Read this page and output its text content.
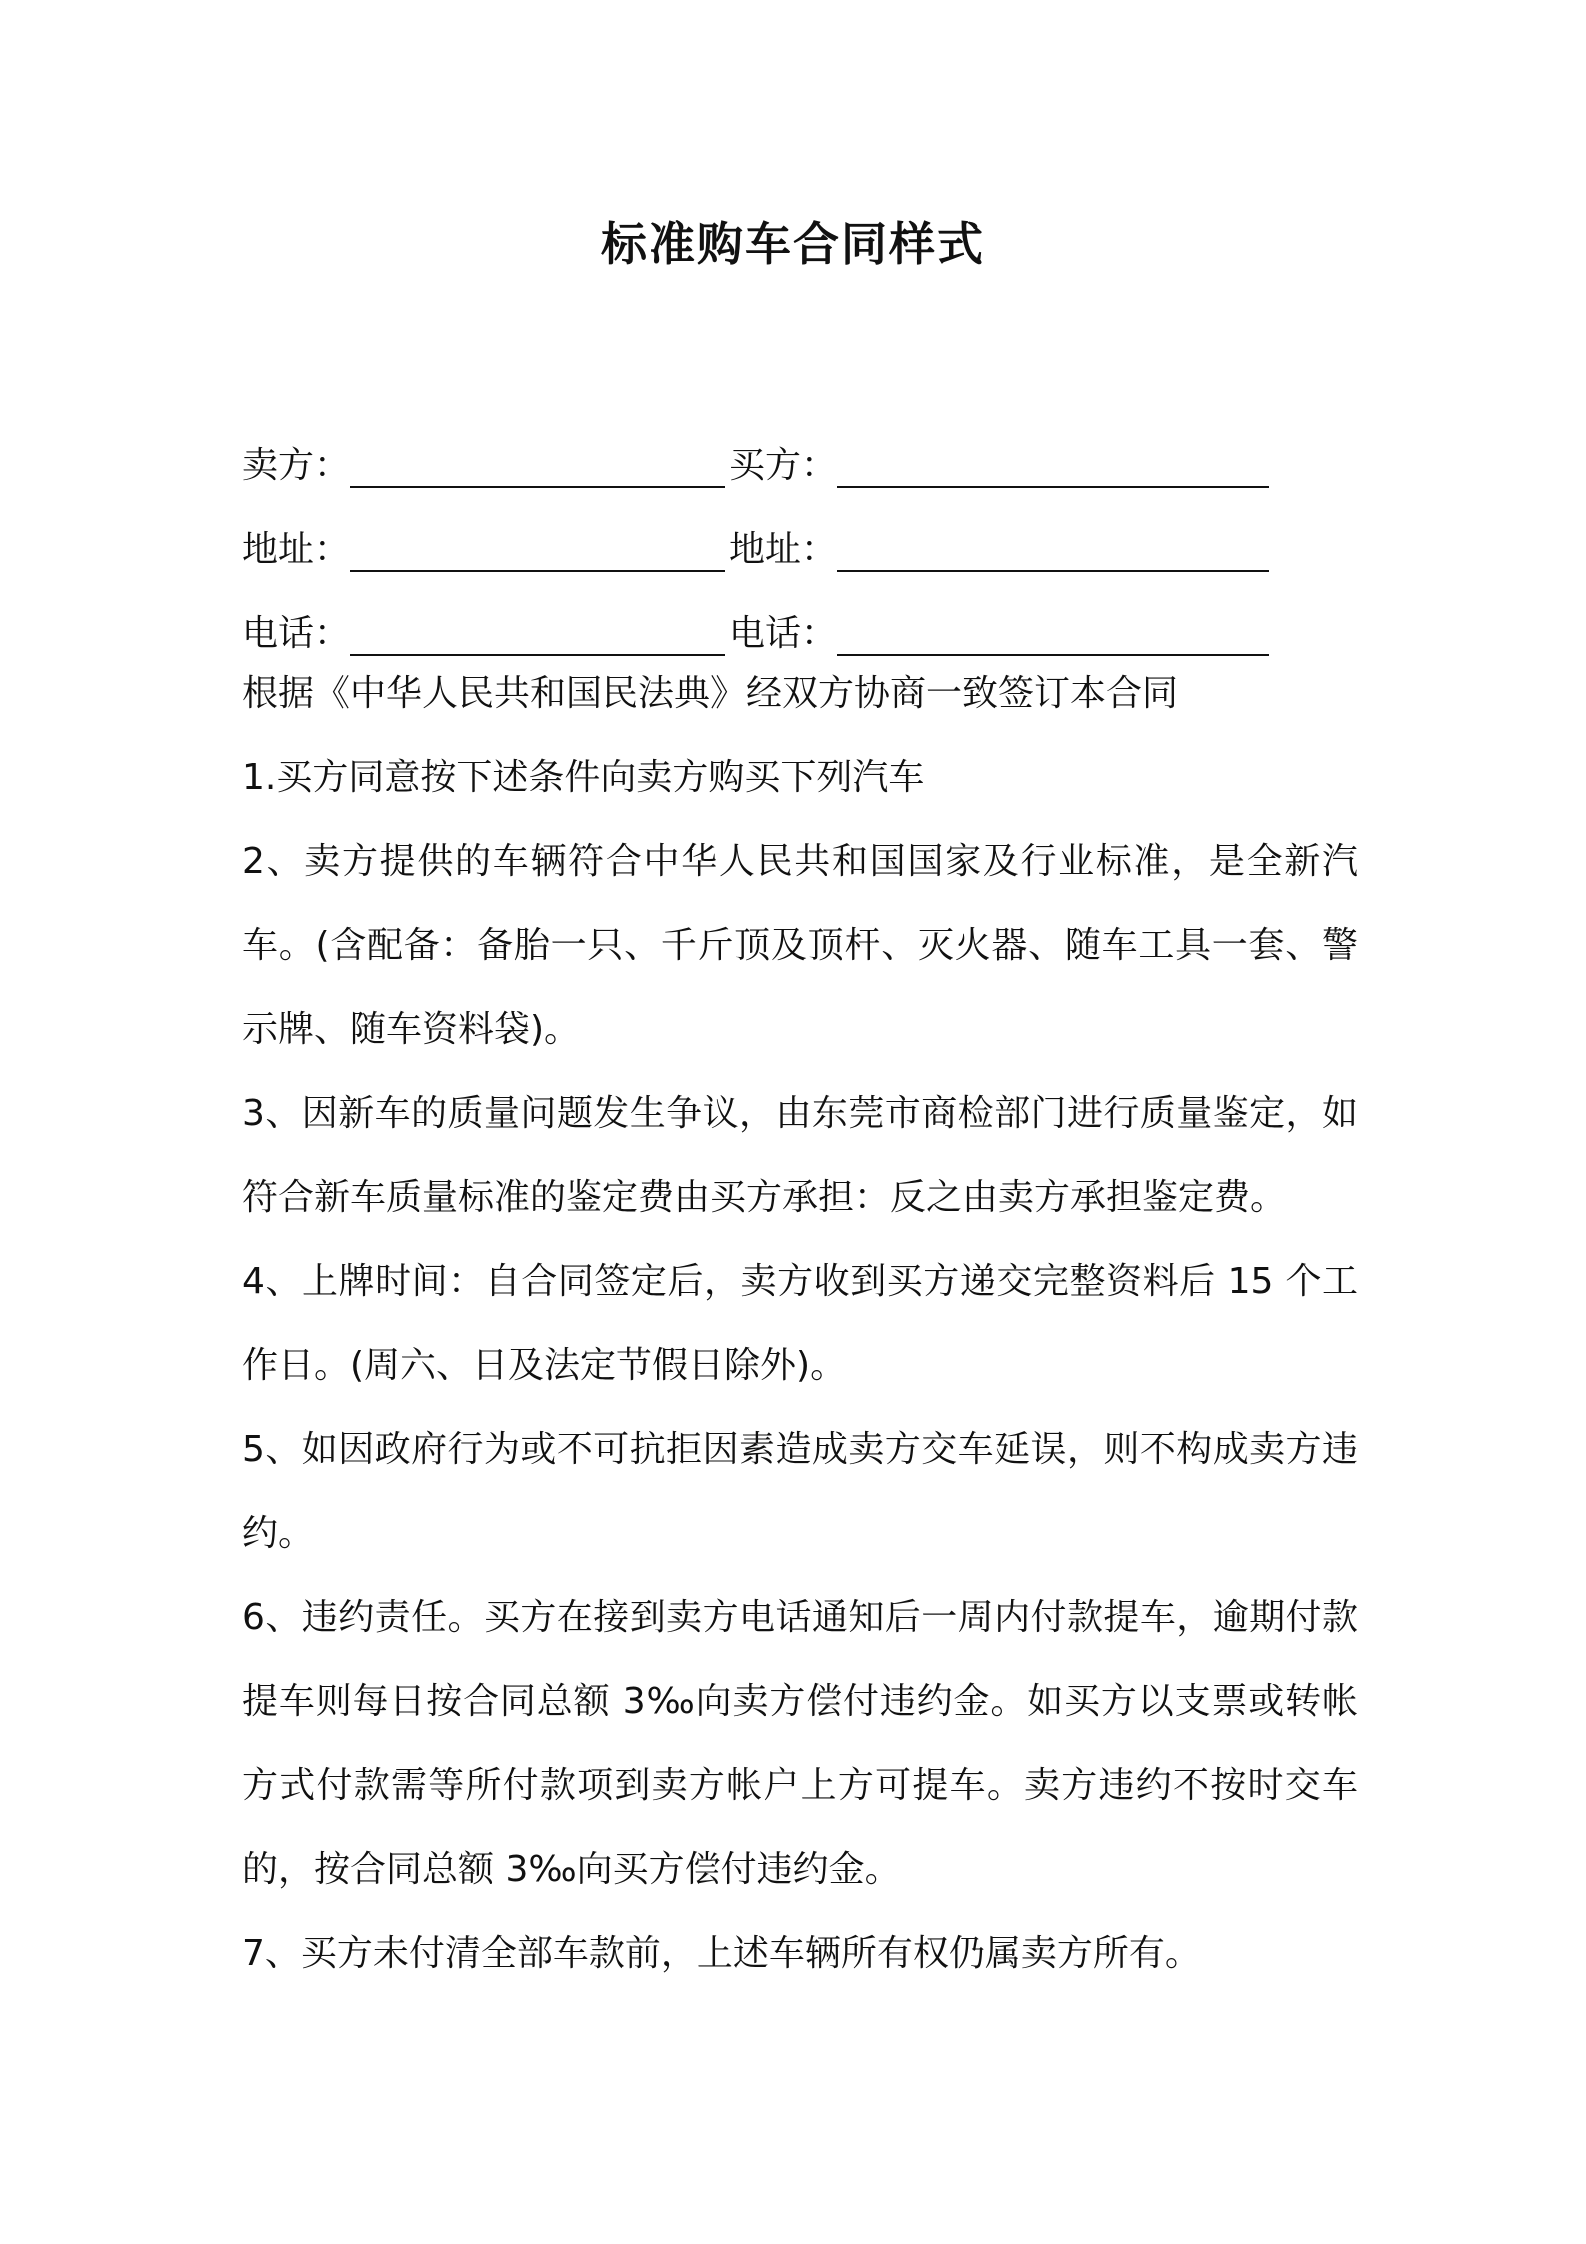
标准购车合同样式
卖方：	买方：
地址：	地址：
电话：	电话：

根据《中华人民共和国民法典》经双方协商一致签订本合同

1.买方同意按下述条件向卖方购买下列汽车

2、卖方提供的车辆符合中华人民共和国国家及行业标准，是全新汽车。(含配备：备胎一只、千斤顶及顶杆、灭火器、随车工具一套、警示牌、随车资料袋)。

3、因新车的质量问题发生争议，由东莞市商检部门进行质量鉴定，如符合新车质量标准的鉴定费由买方承担：反之由卖方承担鉴定费。

4、上牌时间：自合同签定后，卖方收到买方递交完整资料后 15 个工作日。(周六、日及法定节假日除外)。

5、如因政府行为或不可抗拒因素造成卖方交车延误，则不构成卖方违约。

6、违约责任。买方在接到卖方电话通知后一周内付款提车，逾期付款提车则每日按合同总额 3‰向卖方偿付违约金。如买方以支票或转帐方式付款需等所付款项到卖方帐户上方可提车。卖方违约不按时交车的，按合同总额 3‰向买方偿付违约金。

7、买方未付清全部车款前，上述车辆所有权仍属卖方所有。
